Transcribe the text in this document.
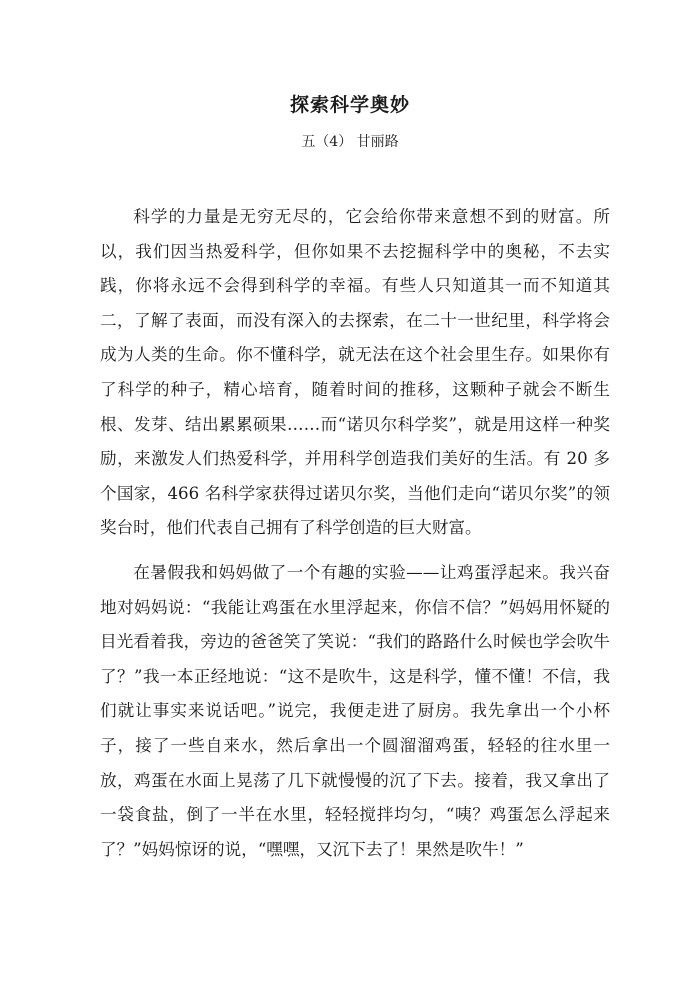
探索科学奥妙
五（4） 甘丽路

科学的力量是无穷无尽的，它会给你带来意想不到的财富。所以，我们因当热爱科学，但你如果不去挖掘科学中的奥秘，不去实践，你将永远不会得到科学的幸福。有些人只知道其一而不知道其二，了解了表面，而没有深入的去探索，在二十一世纪里，科学将会成为人类的生命。你不懂科学，就无法在这个社会里生存。如果你有了科学的种子，精心培育，随着时间的推移，这颗种子就会不断生根、发芽、结出累累硕果……而“诺贝尔科学奖”，就是用这样一种奖励，来激发人们热爱科学，并用科学创造我们美好的生活。有 20 多个国家，466 名科学家获得过诺贝尔奖，当他们走向“诺贝尔奖”的领奖台时，他们代表自己拥有了科学创造的巨大财富。

在暑假我和妈妈做了一个有趣的实验——让鸡蛋浮起来。我兴奋地对妈妈说：“我能让鸡蛋在水里浮起来，你信不信？”妈妈用怀疑的目光看着我，旁边的爸爸笑了笑说：“我们的路路什么时候也学会吹牛了？”我一本正经地说：“这不是吹牛，这是科学，懂不懂！不信，我们就让事实来说话吧。”说完，我便走进了厨房。我先拿出一个小杯子，接了一些自来水，然后拿出一个圆溜溜鸡蛋，轻轻的往水里一放，鸡蛋在水面上晃荡了几下就慢慢的沉了下去。接着，我又拿出了一袋食盐，倒了一半在水里，轻轻搅拌均匀，“咦？鸡蛋怎么浮起来了？”妈妈惊讶的说，“嘿嘿，又沉下去了！果然是吹牛！”
